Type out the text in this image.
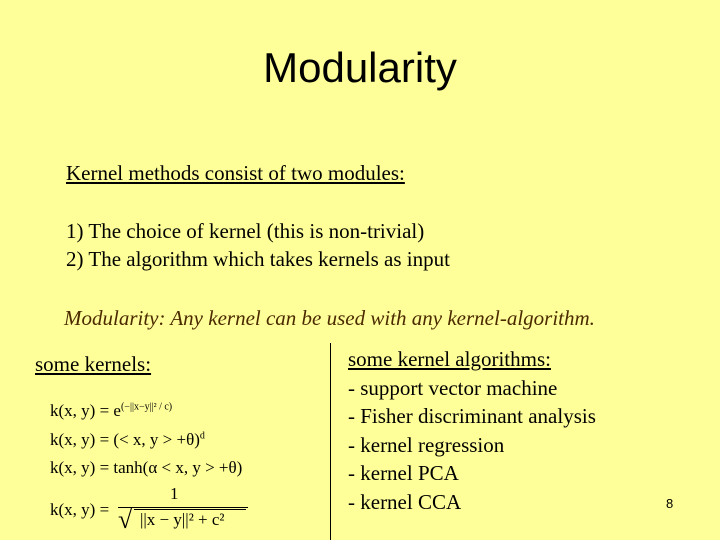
Modularity
Kernel methods consist of two modules:
1) The choice of kernel (this is non-trivial)
2) The algorithm which takes kernels as input
Modularity: Any kernel can be used with any kernel-algorithm.
some kernels:
k(x, $y) = e^{(-||x-y||^2 / c)}$
k(x, y) = (< x, y > +θ)$^d$
k(x, y) = tanh(α < x, y > +θ)
k(x, y) =
1
√ ||x − y||² + c²
some kernel algorithms:
- support vector machine
- Fisher discriminant analysis
- kernel regression
- kernel PCA
- kernel CCA	8
